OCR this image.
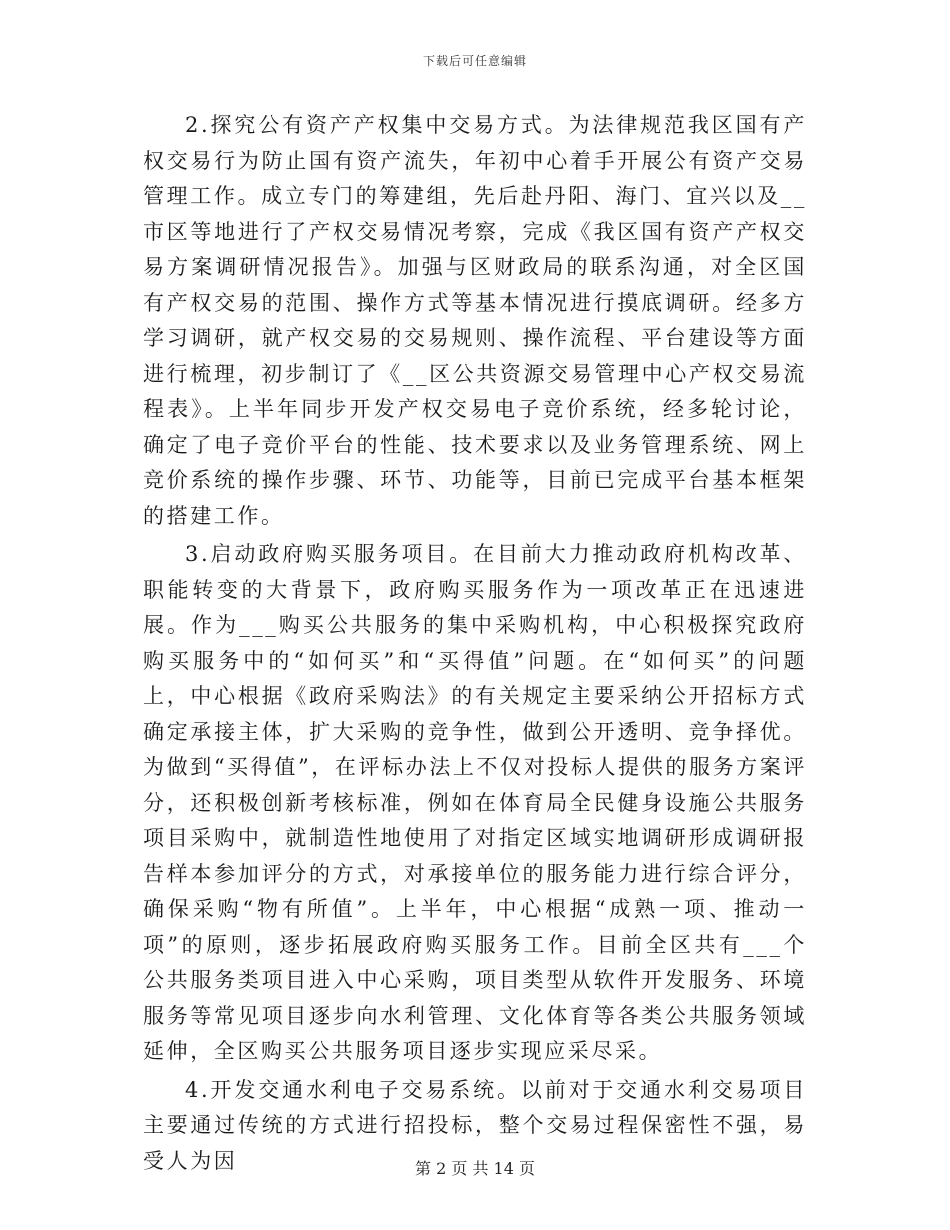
下载后可任意编辑

2.探究公有资产产权集中交易方式。为法律规范我区国有产权交易行为防止国有资产流失，年初中心着手开展公有资产交易管理工作。成立专门的筹建组，先后赴丹阳、海门、宜兴以及__市区等地进行了产权交易情况考察，完成《我区国有资产产权交易方案调研情况报告》。加强与区财政局的联系沟通，对全区国有产权交易的范围、操作方式等基本情况进行摸底调研。经多方学习调研，就产权交易的交易规则、操作流程、平台建设等方面进行梳理，初步制订了《__区公共资源交易管理中心产权交易流程表》。上半年同步开发产权交易电子竞价系统，经多轮讨论，确定了电子竞价平台的性能、技术要求以及业务管理系统、网上竞价系统的操作步骤、环节、功能等，目前已完成平台基本框架的搭建工作。

3.启动政府购买服务项目。在目前大力推动政府机构改革、职能转变的大背景下，政府购买服务作为一项改革正在迅速进展。作为___购买公共服务的集中采购机构，中心积极探究政府购买服务中的“如何买”和“买得值”问题。在“如何买”的问题上，中心根据《政府采购法》的有关规定主要采纳公开招标方式确定承接主体，扩大采购的竞争性，做到公开透明、竞争择优。为做到“买得值”，在评标办法上不仅对投标人提供的服务方案评分，还积极创新考核标准，例如在体育局全民健身设施公共服务项目采购中，就制造性地使用了对指定区域实地调研形成调研报告样本参加评分的方式，对承接单位的服务能力进行综合评分，确保采购“物有所值”。上半年，中心根据“成熟一项、推动一项”的原则，逐步拓展政府购买服务工作。目前全区共有___个公共服务类项目进入中心采购，项目类型从软件开发服务、环境服务等常见项目逐步向水利管理、文化体育等各类公共服务领域延伸，全区购买公共服务项目逐步实现应采尽采。

4.开发交通水利电子交易系统。以前对于交通水利交易项目主要通过传统的方式进行招投标，整个交易过程保密性不强，易受人为因	第 2 页 共 14 页
